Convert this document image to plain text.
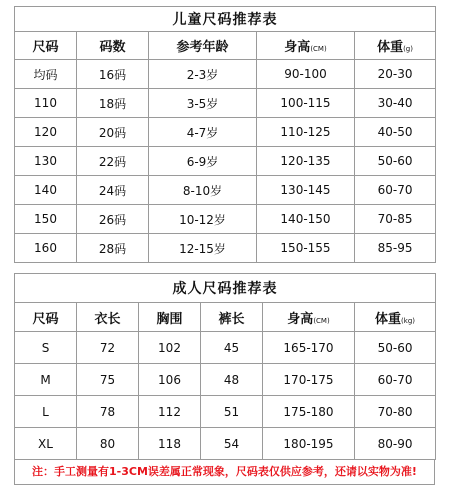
儿童尺码推荐表				
尺码	码数	参考年龄	身高(CM)	体重(g)
均码	16码	2-3岁	90-100	20-30
110	18码	3-5岁	100-115	30-40
120	20码	4-7岁	110-125	40-50
130	22码	6-9岁	120-135	50-60
140	24码	8-10岁	130-145	60-70
150	26码	10-12岁	140-150	70-85
160	28码	12-15岁	150-155	85-95
成人尺码推荐表					
尺码	衣长	胸围	裤长	身高(CM)	体重(kg)
S	72	102	45	165-170	50-60
M	75	106	48	170-175	60-70
L	78	112	51	175-180	70-80
XL	80	118	54	180-195	80-90
注：手工测量有1-3CM误差属正常现象，尺码表仅供应参考，还请以实物为准!
